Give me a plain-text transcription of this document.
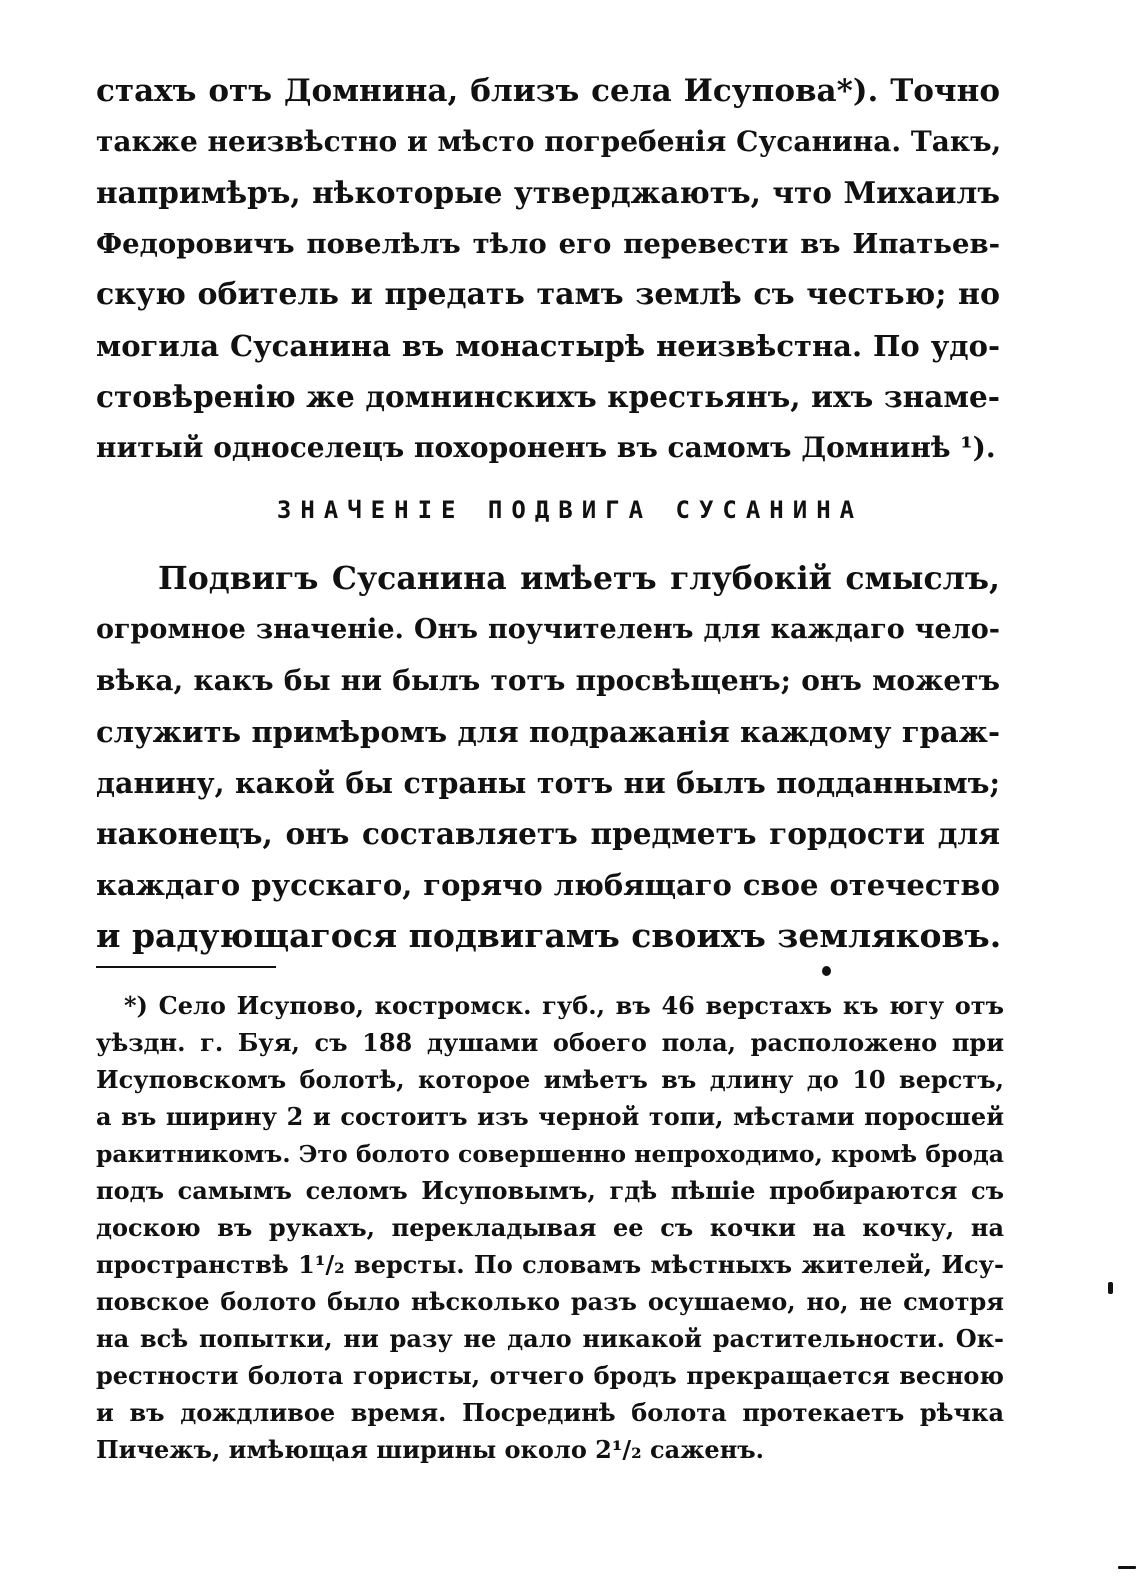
стахъ отъ Домнина, близъ села Исупова*). Точно
также неизвѣстно и мѣсто погребенія Сусанина. Такъ,
напримѣръ, нѣкоторые утверджаютъ, что Михаилъ
Федоровичъ повелѣлъ тѣло его перевести въ Ипатьев-
скую обитель и предать тамъ землѣ съ честью; но
могила Сусанина въ монастырѣ неизвѣстна. По удо-
стовѣренію же домнинскихъ крестьянъ, ихъ знаме-
нитый односелецъ похороненъ въ самомъ Домнинѣ ¹).
ЗНАЧЕНІЕ ПОДВИГА СУСАНИНА
Подвигъ Сусанина имѣетъ глубокій смыслъ,
огромное значеніе. Онъ поучителенъ для каждаго чело-
вѣка, какъ бы ни былъ тотъ просвѣщенъ; онъ можетъ
служить примѣромъ для подражанія каждому граж-
данину, какой бы страны тотъ ни былъ подданнымъ;
наконецъ, онъ составляетъ предметъ гордости для
каждаго русскаго, горячо любящаго свое отечество
и радующагося подвигамъ своихъ земляковъ.
*) Село Исупово, костромск. губ., въ 46 верстахъ къ югу отъ
уѣздн. г. Буя, съ 188 душами обоего пола, расположено при
Исуповскомъ болотѣ, которое имѣетъ въ длину до 10 верстъ,
а въ ширину 2 и состоитъ изъ черной топи, мѣстами поросшей
ракитникомъ. Это болото совершенно непроходимо, кромѣ брода
подъ самымъ селомъ Исуповымъ, гдѣ пѣшіе пробираются съ
доскою въ рукахъ, перекладывая ее съ кочки на кочку, на
пространствѣ 1¹/₂ версты. По словамъ мѣстныхъ жителей, Ису-
повское болото было нѣсколько разъ осушаемо, но, не смотря
на всѣ попытки, ни разу не дало никакой растительности. Ок-
рестности болота гористы, отчего бродъ прекращается весною
и въ дождливое время. Посрединѣ болота протекаетъ рѣчка
Пичежъ, имѣющая ширины около 2¹/₂ саженъ.
